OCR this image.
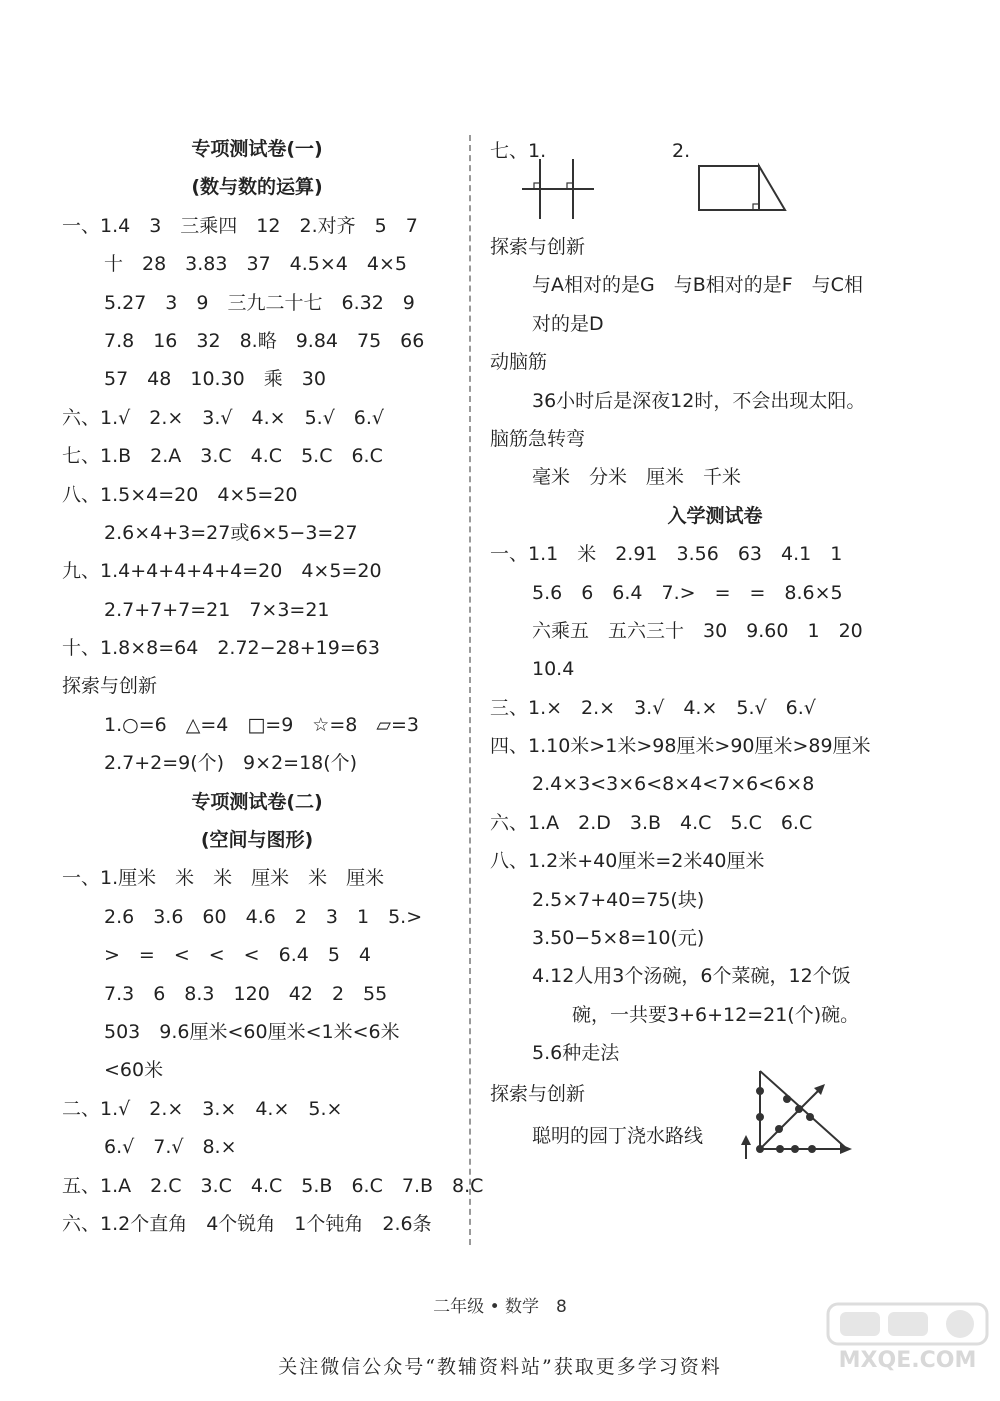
专项测试卷(一)
(数与数的运算)
一、1.4　3　三乘四　12　2.对齐　5　7
十　28　3.83　37　4.5×4　4×5
5.27　3　9　三九二十七　6.32　9
7.8　16　32　8.略　9.84　75　66
57　48　10.30　乘　30
六、1.√　2.×　3.√　4.×　5.√　6.√
七、1.B　2.A　3.C　4.C　5.C　6.C
八、1.5×4=20　4×5=20
2.6×4+3=27或6×5−3=27
九、1.4+4+4+4+4=20　4×5=20
2.7+7+7=21　7×3=21
十、1.8×8=64　2.72−28+19=63
探索与创新
1.○=6　△=4　□=9　☆=8　▱=3
2.7+2=9(个)　9×2=18(个)
专项测试卷(二)
(空间与图形)
一、1.厘米　米　米　厘米　米　厘米
2.6　3.6　60　4.6　2　3　1　5.>
>　=　<　<　<　6.4　5　4
7.3　6　8.3　120　42　2　55
503　9.6厘米<60厘米<1米<6米
<60米
二、1.√　2.×　3.×　4.×　5.×
6.√　7.√　8.×
五、1.A　2.C　3.C　4.C　5.B　6.C　7.B　8.C
六、1.2个直角　4个锐角　1个钝角　2.6条
七、1.	2.
探索与创新
与A相对的是G　与B相对的是F　与C相
对的是D
动脑筋
36小时后是深夜12时，不会出现太阳。
脑筋急转弯
毫米　分米　厘米　千米
入学测试卷
一、1.1　米　2.91　3.56　63　4.1　1
5.6　6　6.4　7.>　=　=　8.6×5
六乘五　五六三十　30　9.60　1　20
10.4
三、1.×　2.×　3.√　4.×　5.√　6.√
四、1.10米>1米>98厘米>90厘米>89厘米
2.4×3<3×6<8×4<7×6<6×8
六、1.A　2.D　3.B　4.C　5.C　6.C
八、1.2米+40厘米=2米40厘米
2.5×7+40=75(块)
3.50−5×8=10(元)
4.12人用3个汤碗，6个菜碗，12个饭
碗，一共要3+6+12=21(个)碗。
5.6种走法
探索与创新
聪明的园丁浇水路线
二年级 • 数学　8
MXQE.COM
关注微信公众号“教辅资料站”获取更多学习资料
